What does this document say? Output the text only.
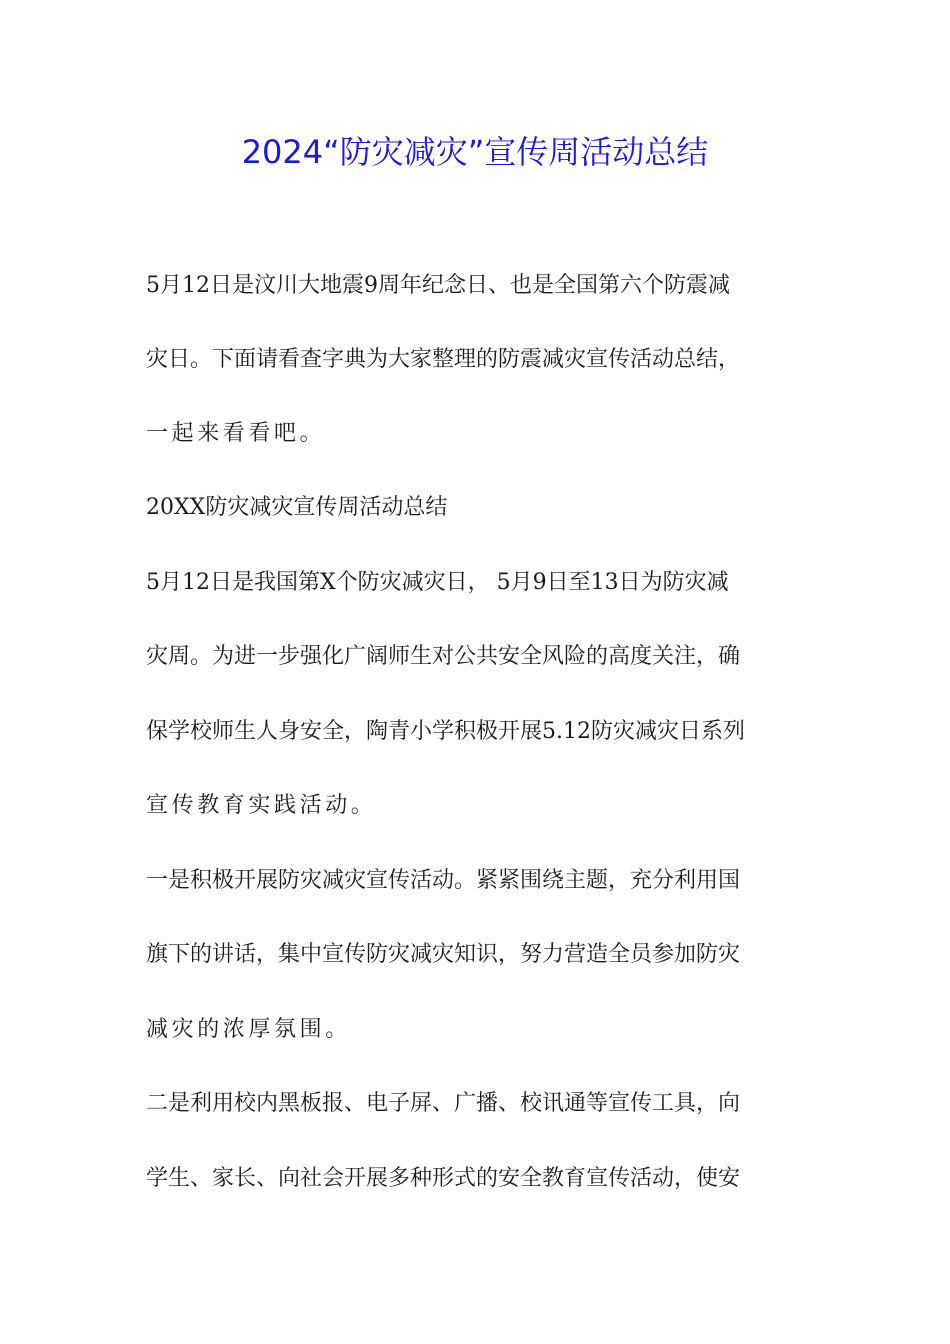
2024“防灾减灾”宣传周活动总结

5月12日是汶川大地震9周年纪念日、也是全国第六个防震减

灾日。下面请看查字典为大家整理的防震减灾宣传活动总结，

一起来看看吧。

20XX防灾减灾宣传周活动总结

5月12日是我国第X个防灾减灾日， 5月9日至13日为防灾减

灾周。为进一步强化广阔师生对公共安全风险的高度关注，确

保学校师生人身安全，陶青小学积极开展5.12防灾减灾日系列

宣传教育实践活动。

一是积极开展防灾减灾宣传活动。紧紧围绕主题，充分利用国

旗下的讲话，集中宣传防灾减灾知识，努力营造全员参加防灾

减灾的浓厚氛围。

二是利用校内黑板报、电子屏、广播、校讯通等宣传工具，向

学生、家长、向社会开展多种形式的安全教育宣传活动，使安
